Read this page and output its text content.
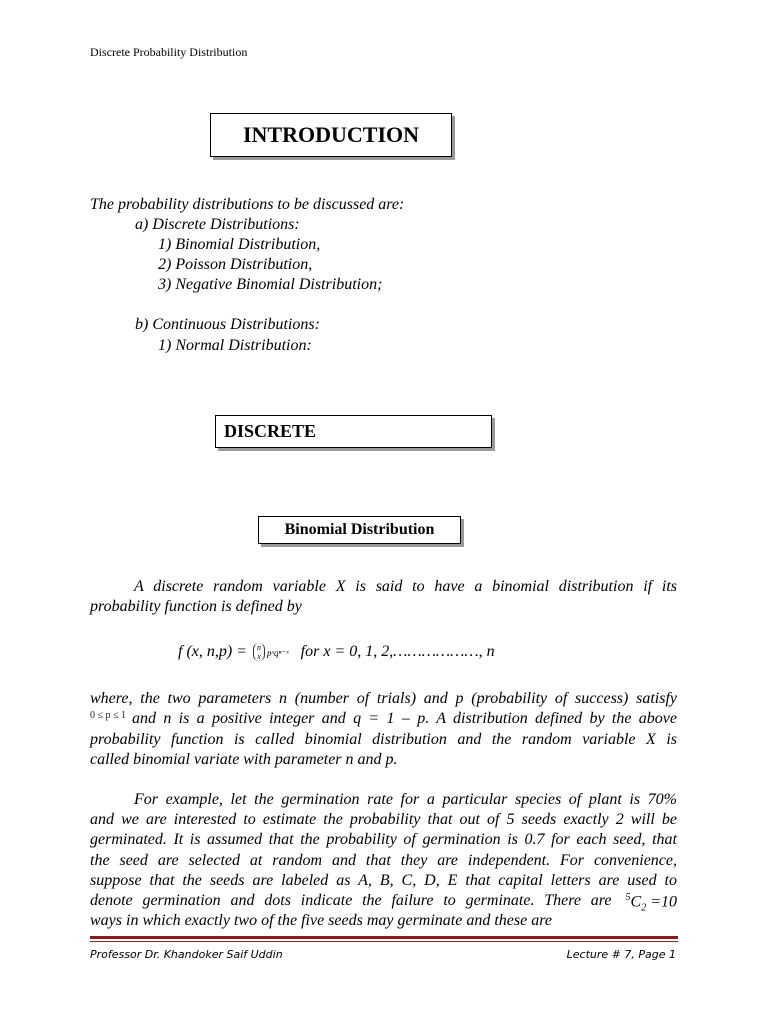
Discrete Probability Distribution
INTRODUCTION
The probability distributions to be discussed are:
a) Discrete Distributions:
1) Binomial Distribution,
2) Poisson Distribution,
3) Negative Binomial Distribution;
b) Continuous Distributions:
1) Normal Distribution:
DISCRETE
Binomial Distribution
A discrete random variable X is said to have a binomial distribution if its
probability function is defined by
f (x, n,p) = n
x pˣqⁿ⁻ˣ for x = 0, 1, 2,………………, n
where, the two parameters n (number of trials) and p (probability of success) satisfy
0 ≤ p ≤ 1 and n is a positive integer and q = 1 – p. A distribution defined by the above
probability function is called binomial distribution and the random variable X is
called binomial variate with parameter n and p.
For example, let the germination rate for a particular species of plant is 70%
and we are interested to estimate the probability that out of 5 seeds exactly 2 will be
germinated. It is assumed that the probability of germination is 0.7 for each seed, that
the seed are selected at random and that they are independent. For convenience,
suppose that the seeds are labeled as A, B, C, D, E that capital letters are used to
denote germination and dots indicate the failure to germinate. There are $^5C_2 =10$
ways in which exactly two of the five seeds may germinate and these are
Professor Dr. Khandoker Saif Uddin	Lecture # 7, Page 1
